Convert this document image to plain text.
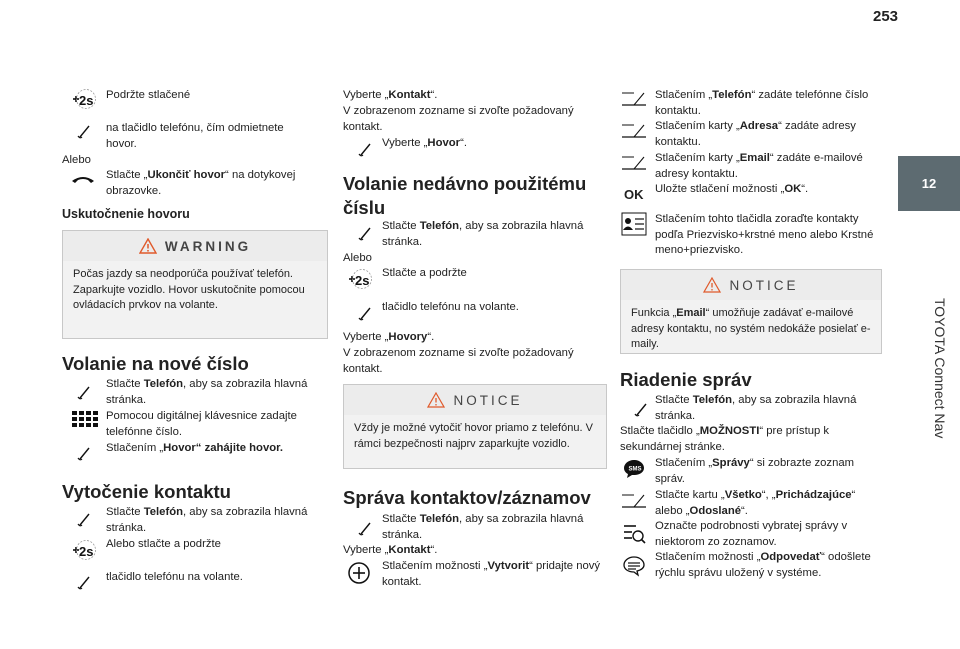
253
12
TOYOTA Connect Nav
2s Podržte stlačené
na tlačidlo telefónu, čím odmietnete hovor.
Alebo
Stlačte „Ukončiť hovor“ na dotykovej obrazovke.
Uskutočnenie hovoru
WARNING
Počas jazdy sa neodporúča používať telefón. Zaparkujte vozidlo. Hovor uskutočnite pomocou ovládacích prvkov na volante.
Volanie na nové číslo
Stlačte Telefón, aby sa zobrazila hlavná stránka.
Pomocou digitálnej klávesnice zadajte telefónne číslo.
Stlačením „Hovor“ zahájite hovor.
Vytočenie kontaktu
Stlačte Telefón, aby sa zobrazila hlavná stránka.
2s Alebo stlačte a podržte
tlačidlo telefónu na volante.
Vyberte „Kontakt“.
V zobrazenom zozname si zvoľte požadovaný kontakt.
Vyberte „Hovor“.
Volanie nedávno použitému číslu
Stlačte Telefón, aby sa zobrazila hlavná stránka.
Alebo
2s Stlačte a podržte
tlačidlo telefónu na volante.
Vyberte „Hovory“.
V zobrazenom zozname si zvoľte požadovaný kontakt.
NOTICE
Vždy je možné vytočiť hovor priamo z telefónu. V rámci bezpečnosti najprv zaparkujte vozidlo.
Správa kontaktov/záznamov
Stlačte Telefón, aby sa zobrazila hlavná stránka.
Vyberte „Kontakt“.
Stlačením možnosti „Vytvorit“ pridajte nový kontakt.
Stlačením „Telefón“ zadáte telefónne číslo kontaktu.
Stlačením karty „Adresa“ zadáte adresy kontaktu.
Stlačením karty „Email“ zadáte e-mailové adresy kontaktu.
OK Uložte stlačení možnosti „OK“.
Stlačením tohto tlačidla zoraďte kontakty podľa Priezvisko+krstné meno alebo Krstné meno+priezvisko.
NOTICE
Funkcia „Email“ umožňuje zadávať e-mailové adresy kontaktu, no systém nedokáže posielať e-maily.
Riadenie správ
Stlačte Telefón, aby sa zobrazila hlavná stránka.
Stlačte tlačidlo „MOŽNOSTI“ pre prístup k sekundárnej stránke.
SMS
Stlačením „Správy“ si zobrazte zoznam správ.
Stlačte kartu „Všetko“, „Prichádzajúce“ alebo „Odoslané“.
Označte podrobnosti vybratej správy v niektorom zo zoznamov.
Stlačením možnosti „Odpovedať“ odošlete rýchlu správu uložený v systéme.
